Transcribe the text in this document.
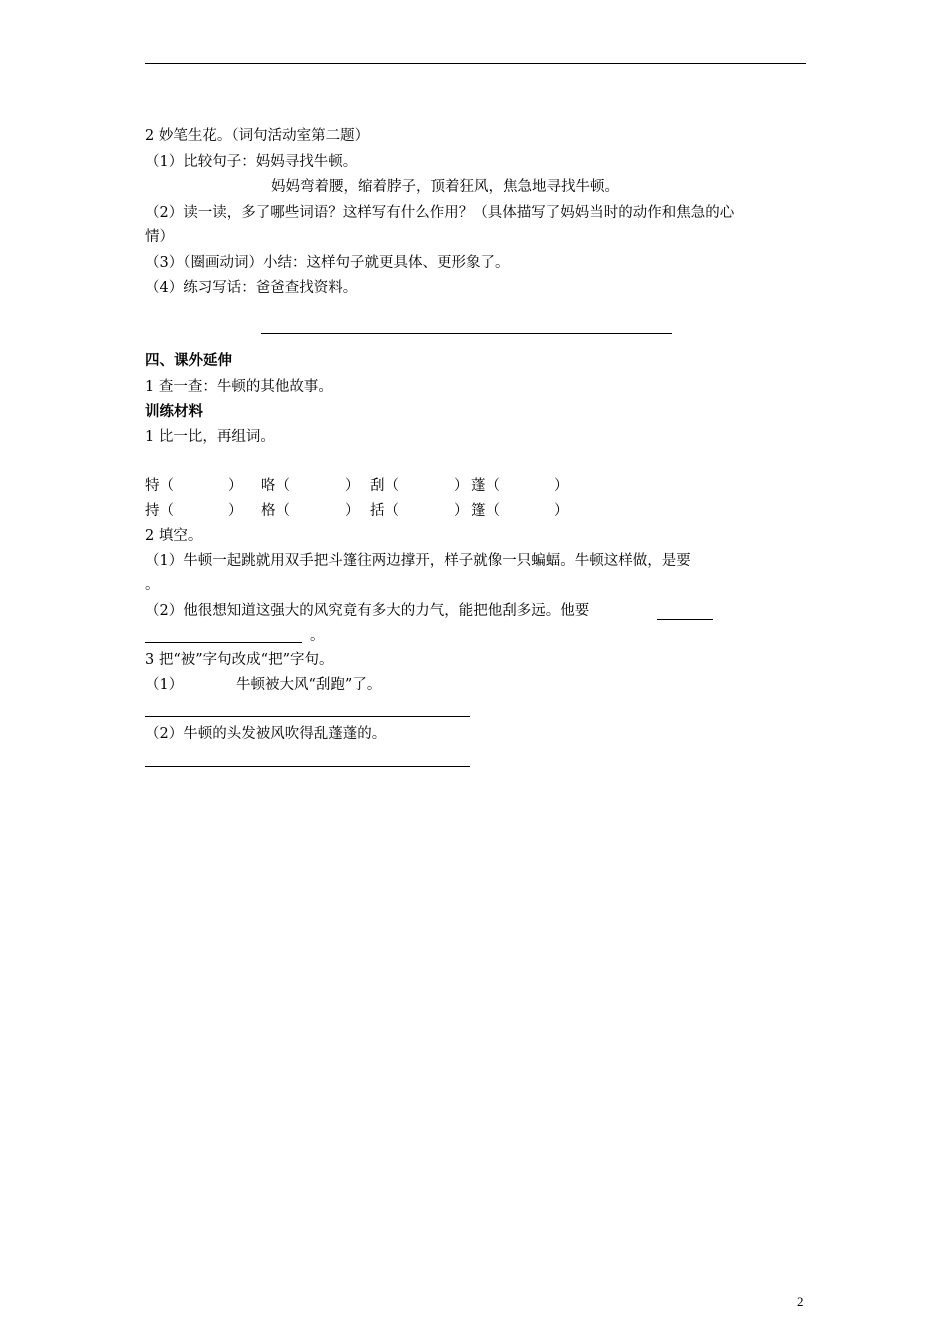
2 妙笔生花。（词句活动室第二题）
（1）比较句子：妈妈寻找牛顿。
妈妈弯着腰，缩着脖子，顶着狂风，焦急地寻找牛顿。
（2）读一读，多了哪些词语？这样写有什么作用？（具体描写了妈妈当时的动作和焦急的心
情）
（3）（圈画动词）小结：这样句子就更具体、更形象了。
（4）练习写话：爸爸查找资料。
四、课外延伸
1 查一查：牛顿的其他故事。
训练材料
1 比一比，再组词。
特（	） 咯（	） 刮（	） 蓬（	）
持（	） 格（	） 括（	） 篷（	）
2 填空。
（1）牛顿一起跳就用双手把斗篷往两边撑开，样子就像一只蝙蝠。牛顿这样做，是要
。
（2）他很想知道这强大的风究竟有多大的力气，能把他刮多远。他要
。
3 把“被”字句改成“把”字句。
（1）	牛顿被大风“刮跑”了。
（2）牛顿的头发被风吹得乱蓬蓬的。
2
